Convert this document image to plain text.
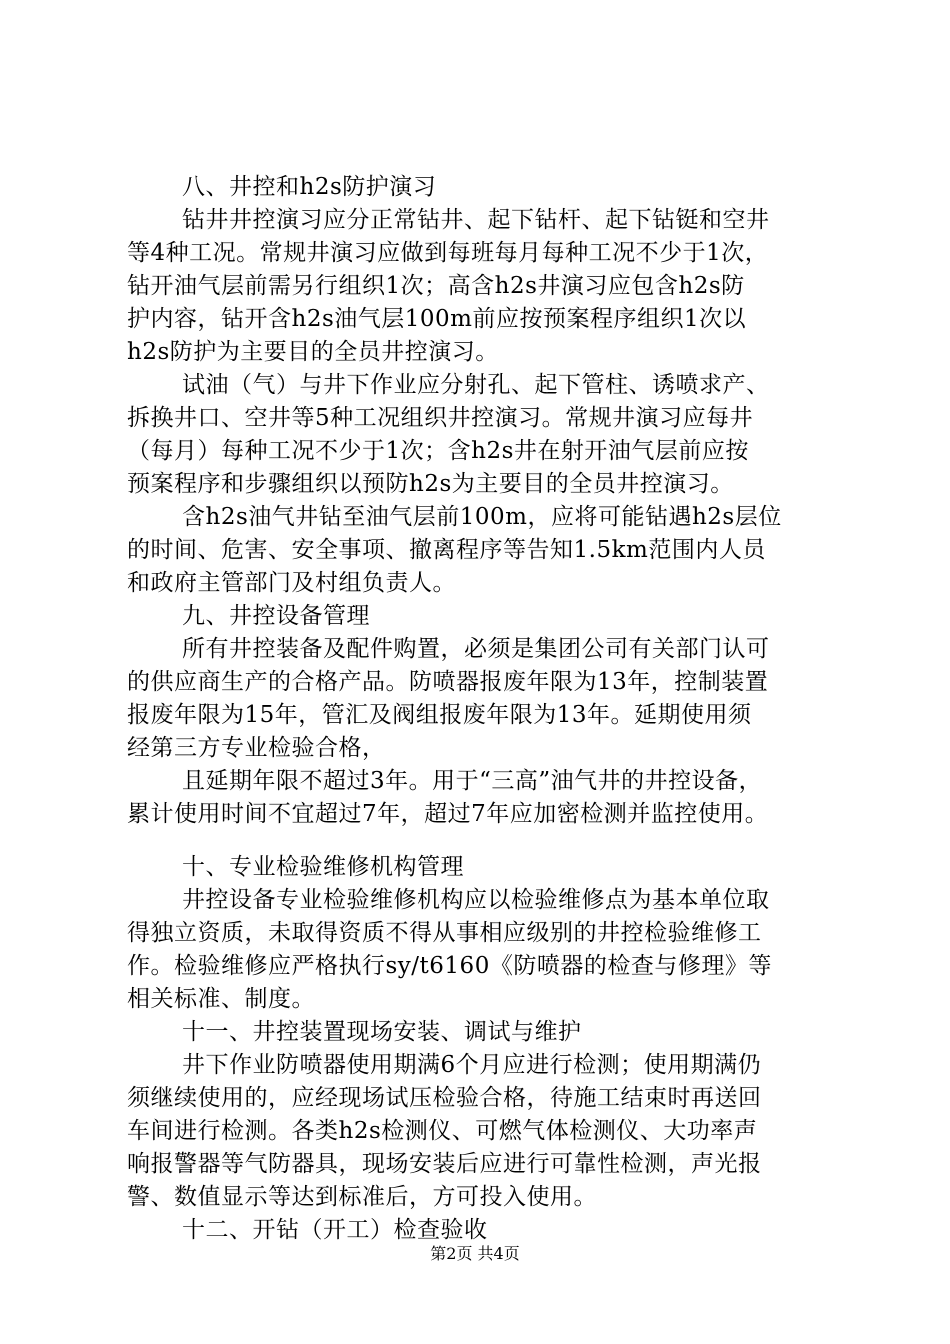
八、井控和h2s防护演习
钻井井控演习应分正常钻井、起下钻杆、起下钻铤和空井
等4种工况。常规井演习应做到每班每月每种工况不少于1次，
钻开油气层前需另行组织1次；高含h2s井演习应包含h2s防
护内容，钻开含h2s油气层100m前应按预案程序组织1次以
h2s防护为主要目的全员井控演习。
试油（气）与井下作业应分射孔、起下管柱、诱喷求产、
拆换井口、空井等5种工况组织井控演习。常规井演习应每井
（每月）每种工况不少于1次；含h2s井在射开油气层前应按
预案程序和步骤组织以预防h2s为主要目的全员井控演习。
含h2s油气井钻至油气层前100m，应将可能钻遇h2s层位
的时间、危害、安全事项、撤离程序等告知1.5km范围内人员
和政府主管部门及村组负责人。
九、井控设备管理
所有井控装备及配件购置，必须是集团公司有关部门认可
的供应商生产的合格产品。防喷器报废年限为13年，控制装置
报废年限为15年，管汇及阀组报废年限为13年。延期使用须
经第三方专业检验合格，
且延期年限不超过3年。用于“三高”油气井的井控设备，
累计使用时间不宜超过7年，超过7年应加密检测并监控使用。
十、专业检验维修机构管理
井控设备专业检验维修机构应以检验维修点为基本单位取
得独立资质，未取得资质不得从事相应级别的井控检验维修工
作。检验维修应严格执行sy/t6160《防喷器的检查与修理》等
相关标准、制度。
十一、井控装置现场安装、调试与维护
井下作业防喷器使用期满6个月应进行检测；使用期满仍
须继续使用的，应经现场试压检验合格，待施工结束时再送回
车间进行检测。各类h2s检测仪、可燃气体检测仪、大功率声
响报警器等气防器具，现场安装后应进行可靠性检测，声光报
警、数值显示等达到标准后，方可投入使用。
十二、开钻（开工）检查验收
第2页 共4页
